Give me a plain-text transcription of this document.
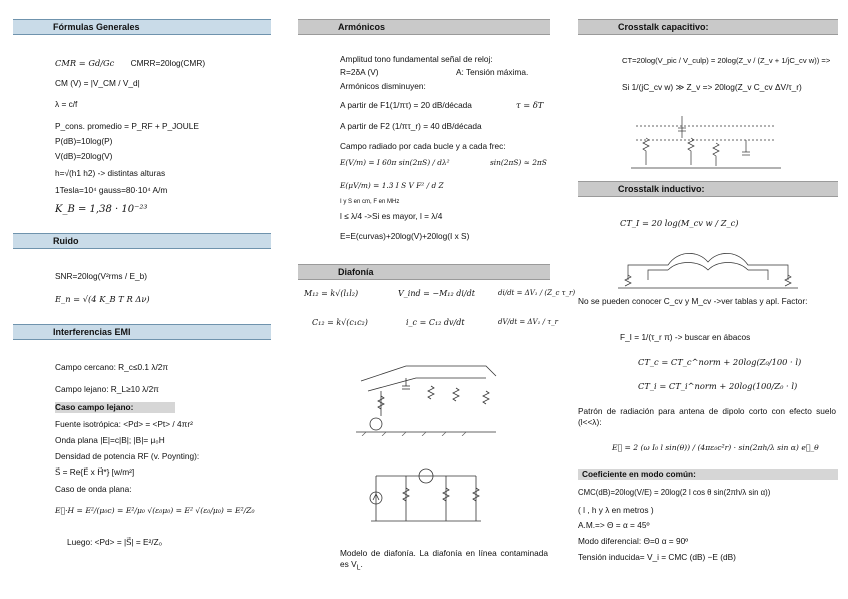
Fórmulas Generales
CMR = Gd/Gc CMRR=20log(CMR)
CM (V) = |V_CM / V_d|
λ = c/f
P_cons. promedio = P_RF + P_JOULE
P(dB)=10log(P)
V(dB)=20log(V)
h=√(h1 h2) -> distintas alturas
1Tesla=10⁴ gauss=80·10⁴ A/m
K_B = 1,38 · 10⁻²³
Ruido
SNR=20log(V²rms / E_b)
E_n = √(4 K_B T R Δν)
Interferencias EMI
Campo cercano: R_c≤0.1 λ/2π
Campo lejano: R_L≥10 λ/2π
Caso campo lejano:
Fuente isotrópica: <Pd> = <Pt> / 4πr²
Onda plana |E|=c|B|; |B|= μ₀H
Densidad de potencia RF (v. Poynting):
S⃗ = Re{E⃗ x H⃗*} [w/m²]
Caso de onda plana:
E⃗·H = E²/(μ₀c) = E²/μ₀ √(ε₀μ₀) = E² √(ε₀/μ₀) = E²/Z₀
Luego: <Pd> = |S⃗| = E²/Z₀
Armónicos
Amplitud tono fundamental señal de reloj:
R=2δA (V)	A: Tensión máxima.
Armónicos disminuyen:
A partir de F1(1/πτ) = 20 dB/década	τ = δT
A partir de F2 (1/πτ_r) = 40 dB/década
Campo radiado por cada bucle y a cada frec:
E(V/m) = I 60π sin(2πS) / dλ²	sin(2πS) ≈ 2πS
E(μV/m) = 1.3 I S V F² / d Z
I y S en cm, F en MHz
l ≤ λ/4 ->Si es mayor, l = λ/4
E=E(curvas)+20log(V)+20log(I x S)
Diafonía
M₁₂ = k√(l₁l₂)	V_ind = −M₁₂ di/dt	di/dt = ΔV₁ / (Z_c τ_r)
C₁₂ = k√(c₁c₂)	i_c = C₁₂ dv/dt	dV/dt = ΔV₁ / τ_r
Modelo de diafonía. La diafonía en línea contaminada es $V_L$.
Crosstalk capacitivo:
CT=20log(V_pic / V_culp) = 20log(Z_v / (Z_v + 1/jC_cv w)) =>
Si 1/(jC_cv w) ≫ Z_v => 20log(Z_v C_cv ΔV/τ_r)
Crosstalk inductivo:
CT_I = 20 log(M_cv w / Z_c)
No se pueden conocer C_cv y M_cv ->ver tablas y apl. Factor:
F_I = 1/(τ_r π) -> buscar en ábacos
CT_c = CT_c^norm + 20log(Z₀/100 · l)
CT_i = CT_i^norm + 20log(100/Z₀ · l)
Patrón de radiación para antena de dipolo corto con efecto suelo (l<<λ):
E⃗ = 2 (ω I₀ l sin(θ)) / (4πε₀c²r) · sin(2πh/λ sin α) e⃗_θ
Coeficiente en modo común:
CMC(dB)=20log(V/E) = 20log(2 l cos θ sin(2πh/λ sin α))
( l , h y λ en metros )
A.M.=> Θ = α = 45º
Modo diferencial: Θ=0 α = 90º
Tensión inducida= V_i = CMC (dB) −E (dB)
